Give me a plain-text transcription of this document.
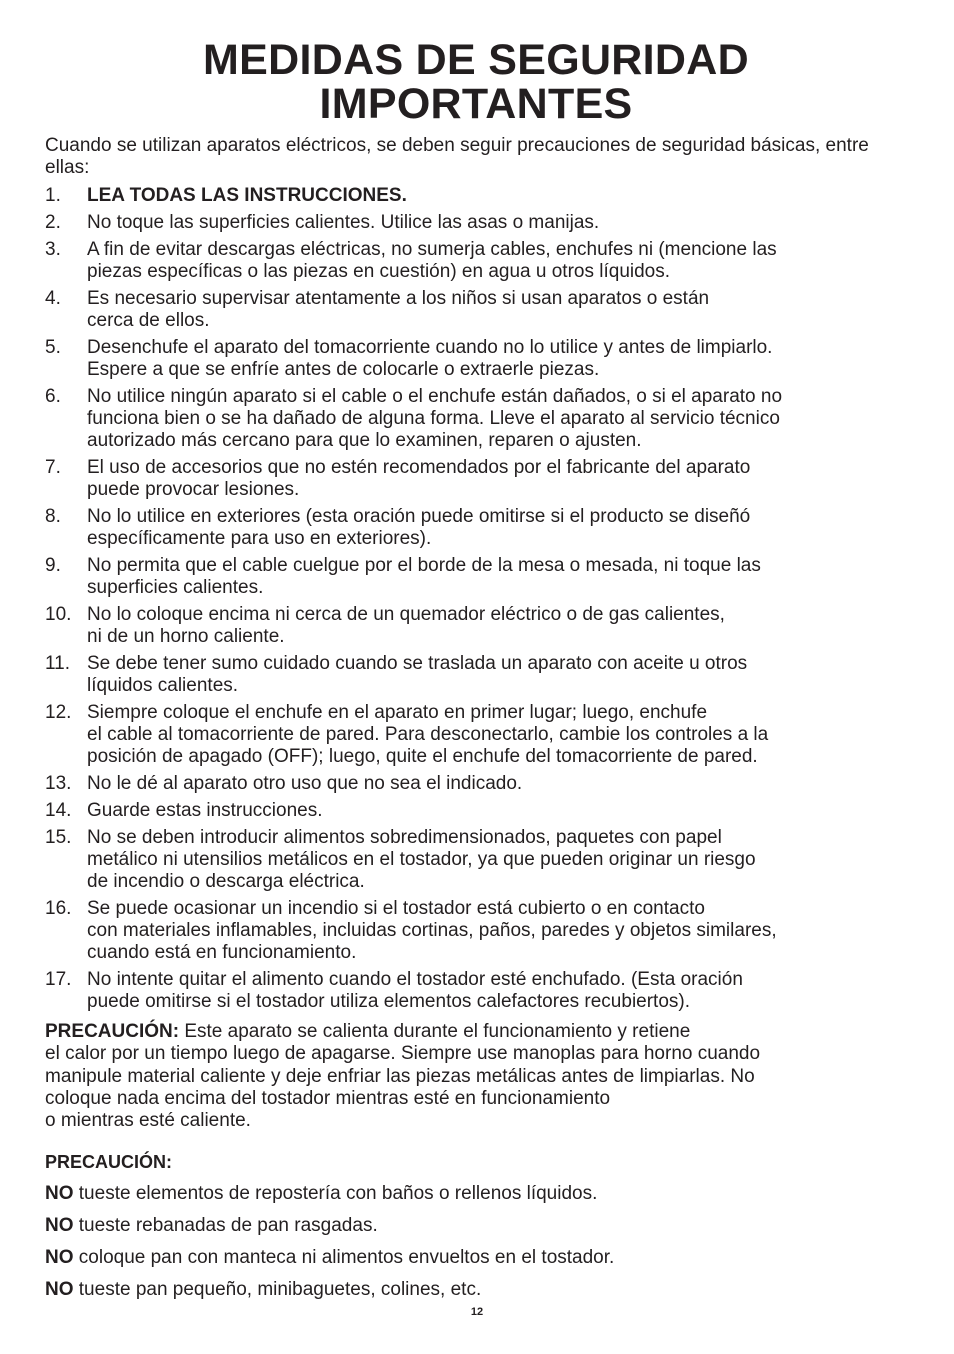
MEDIDAS DE SEGURIDAD
IMPORTANTES

Cuando se utilizan aparatos eléctricos, se deben seguir precauciones de seguridad básicas, entre ellas:

1. LEA TODAS LAS INSTRUCCIONES.
2. No toque las superficies calientes. Utilice las asas o manijas.
3. A fin de evitar descargas eléctricas, no sumerja cables, enchufes ni (mencione las
piezas específicas o las piezas en cuestión) en agua u otros líquidos.
4. Es necesario supervisar atentamente a los niños si usan aparatos o están
cerca de ellos.
5. Desenchufe el aparato del tomacorriente cuando no lo utilice y antes de limpiarlo.
Espere a que se enfríe antes de colocarle o extraerle piezas.
6. No utilice ningún aparato si el cable o el enchufe están dañados, o si el aparato no
funciona bien o se ha dañado de alguna forma. Lleve el aparato al servicio técnico
autorizado más cercano para que lo examinen, reparen o ajusten.
7. El uso de accesorios que no estén recomendados por el fabricante del aparato
puede provocar lesiones.
8. No lo utilice en exteriores (esta oración puede omitirse si el producto se diseñó
específicamente para uso en exteriores).
9. No permita que el cable cuelgue por el borde de la mesa o mesada, ni toque las
superficies calientes.
10. No lo coloque encima ni cerca de un quemador eléctrico o de gas calientes,
ni de un horno caliente.
11. Se debe tener sumo cuidado cuando se traslada un aparato con aceite u otros
líquidos calientes.
12. Siempre coloque el enchufe en el aparato en primer lugar; luego, enchufe
el cable al tomacorriente de pared. Para desconectarlo, cambie los controles a la
posición de apagado (OFF); luego, quite el enchufe del tomacorriente de pared.
13. No le dé al aparato otro uso que no sea el indicado.
14. Guarde estas instrucciones.
15. No se deben introducir alimentos sobredimensionados, paquetes con papel
metálico ni utensilios metálicos en el tostador, ya que pueden originar un riesgo
de incendio o descarga eléctrica.
16. Se puede ocasionar un incendio si el tostador está cubierto o en contacto
con materiales inflamables, incluidas cortinas, paños, paredes y objetos similares,
cuando está en funcionamiento.
17. No intente quitar el alimento cuando el tostador esté enchufado. (Esta oración
puede omitirse si el tostador utiliza elementos calefactores recubiertos).

PRECAUCIÓN: Este aparato se calienta durante el funcionamiento y retiene
el calor por un tiempo luego de apagarse. Siempre use manoplas para horno cuando
manipule material caliente y deje enfriar las piezas metálicas antes de limpiarlas. No
coloque nada encima del tostador mientras esté en funcionamiento
o mientras esté caliente.

PRECAUCIÓN:

NO tueste elementos de repostería con baños o rellenos líquidos.

NO tueste rebanadas de pan rasgadas.

NO coloque pan con manteca ni alimentos envueltos en el tostador.

NO tueste pan pequeño, minibaguetes, colines, etc.

12
